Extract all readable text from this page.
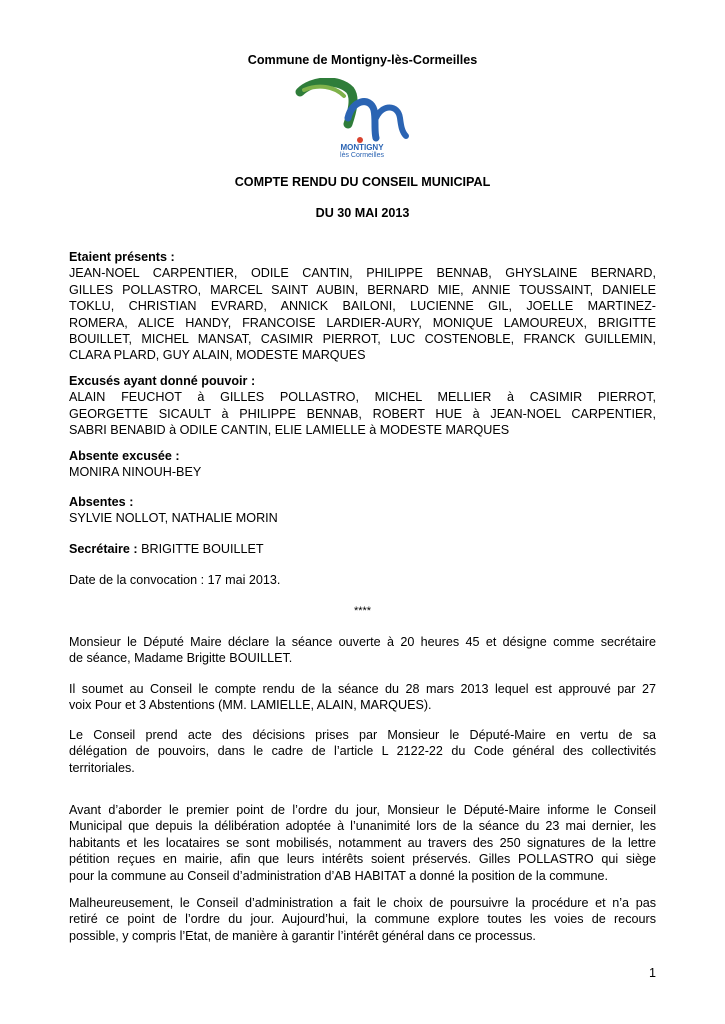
Commune de Montigny-lès-Cormeilles
MONTIGNY
lès Cormeilles
COMPTE RENDU DU CONSEIL MUNICIPAL
DU 30 MAI 2013
Etaient présents :
JEAN-NOEL CARPENTIER, ODILE CANTIN, PHILIPPE BENNAB, GHYSLAINE BERNARD,
GILLES POLLASTRO, MARCEL SAINT AUBIN, BERNARD MIE, ANNIE TOUSSAINT, DANIELE
TOKLU, CHRISTIAN EVRARD, ANNICK BAILONI, LUCIENNE GIL, JOELLE MARTINEZ-
ROMERA, ALICE HANDY, FRANCOISE LARDIER-AURY, MONIQUE LAMOUREUX, BRIGITTE
BOUILLET, MICHEL MANSAT, CASIMIR PIERROT, LUC COSTENOBLE, FRANCK GUILLEMIN,
CLARA PLARD, GUY ALAIN, MODESTE MARQUES
Excusés ayant donné pouvoir :
ALAIN FEUCHOT à GILLES POLLASTRO, MICHEL MELLIER à CASIMIR PIERROT,
GEORGETTE SICAULT à PHILIPPE BENNAB, ROBERT HUE à JEAN-NOEL CARPENTIER,
SABRI BENABID à ODILE CANTIN, ELIE LAMIELLE à MODESTE MARQUES
Absente excusée :
MONIRA NINOUH-BEY
Absentes :
SYLVIE NOLLOT, NATHALIE MORIN
Secrétaire : BRIGITTE BOUILLET
Date de la convocation : 17 mai 2013.
****
Monsieur le Député Maire déclare la séance ouverte à 20 heures 45 et désigne comme secrétaire
de séance, Madame Brigitte BOUILLET.
Il soumet au Conseil le compte rendu de la séance du 28 mars 2013 lequel est approuvé par 27
voix Pour et 3 Abstentions (MM. LAMIELLE, ALAIN, MARQUES).
Le Conseil prend acte des décisions prises par Monsieur le Député-Maire en vertu de sa
délégation de pouvoirs, dans le cadre de l’article L 2122-22 du Code général des collectivités
territoriales.
Avant d’aborder le premier point de l’ordre du jour, Monsieur le Député-Maire informe le Conseil
Municipal que depuis la délibération adoptée à l’unanimité lors de la séance du 23 mai dernier, les
habitants et les locataires se sont mobilisés, notamment au travers des 250 signatures de la lettre
pétition reçues en mairie, afin que leurs intérêts soient préservés. Gilles POLLASTRO qui siège
pour la commune au Conseil d’administration d’AB HABITAT a donné la position de la commune.
Malheureusement, le Conseil d’administration a fait le choix de poursuivre la procédure et n’a pas
retiré ce point de l’ordre du jour. Aujourd’hui, la commune explore toutes les voies de recours
possible, y compris l’Etat, de manière à garantir l’intérêt général dans ce processus.
1
